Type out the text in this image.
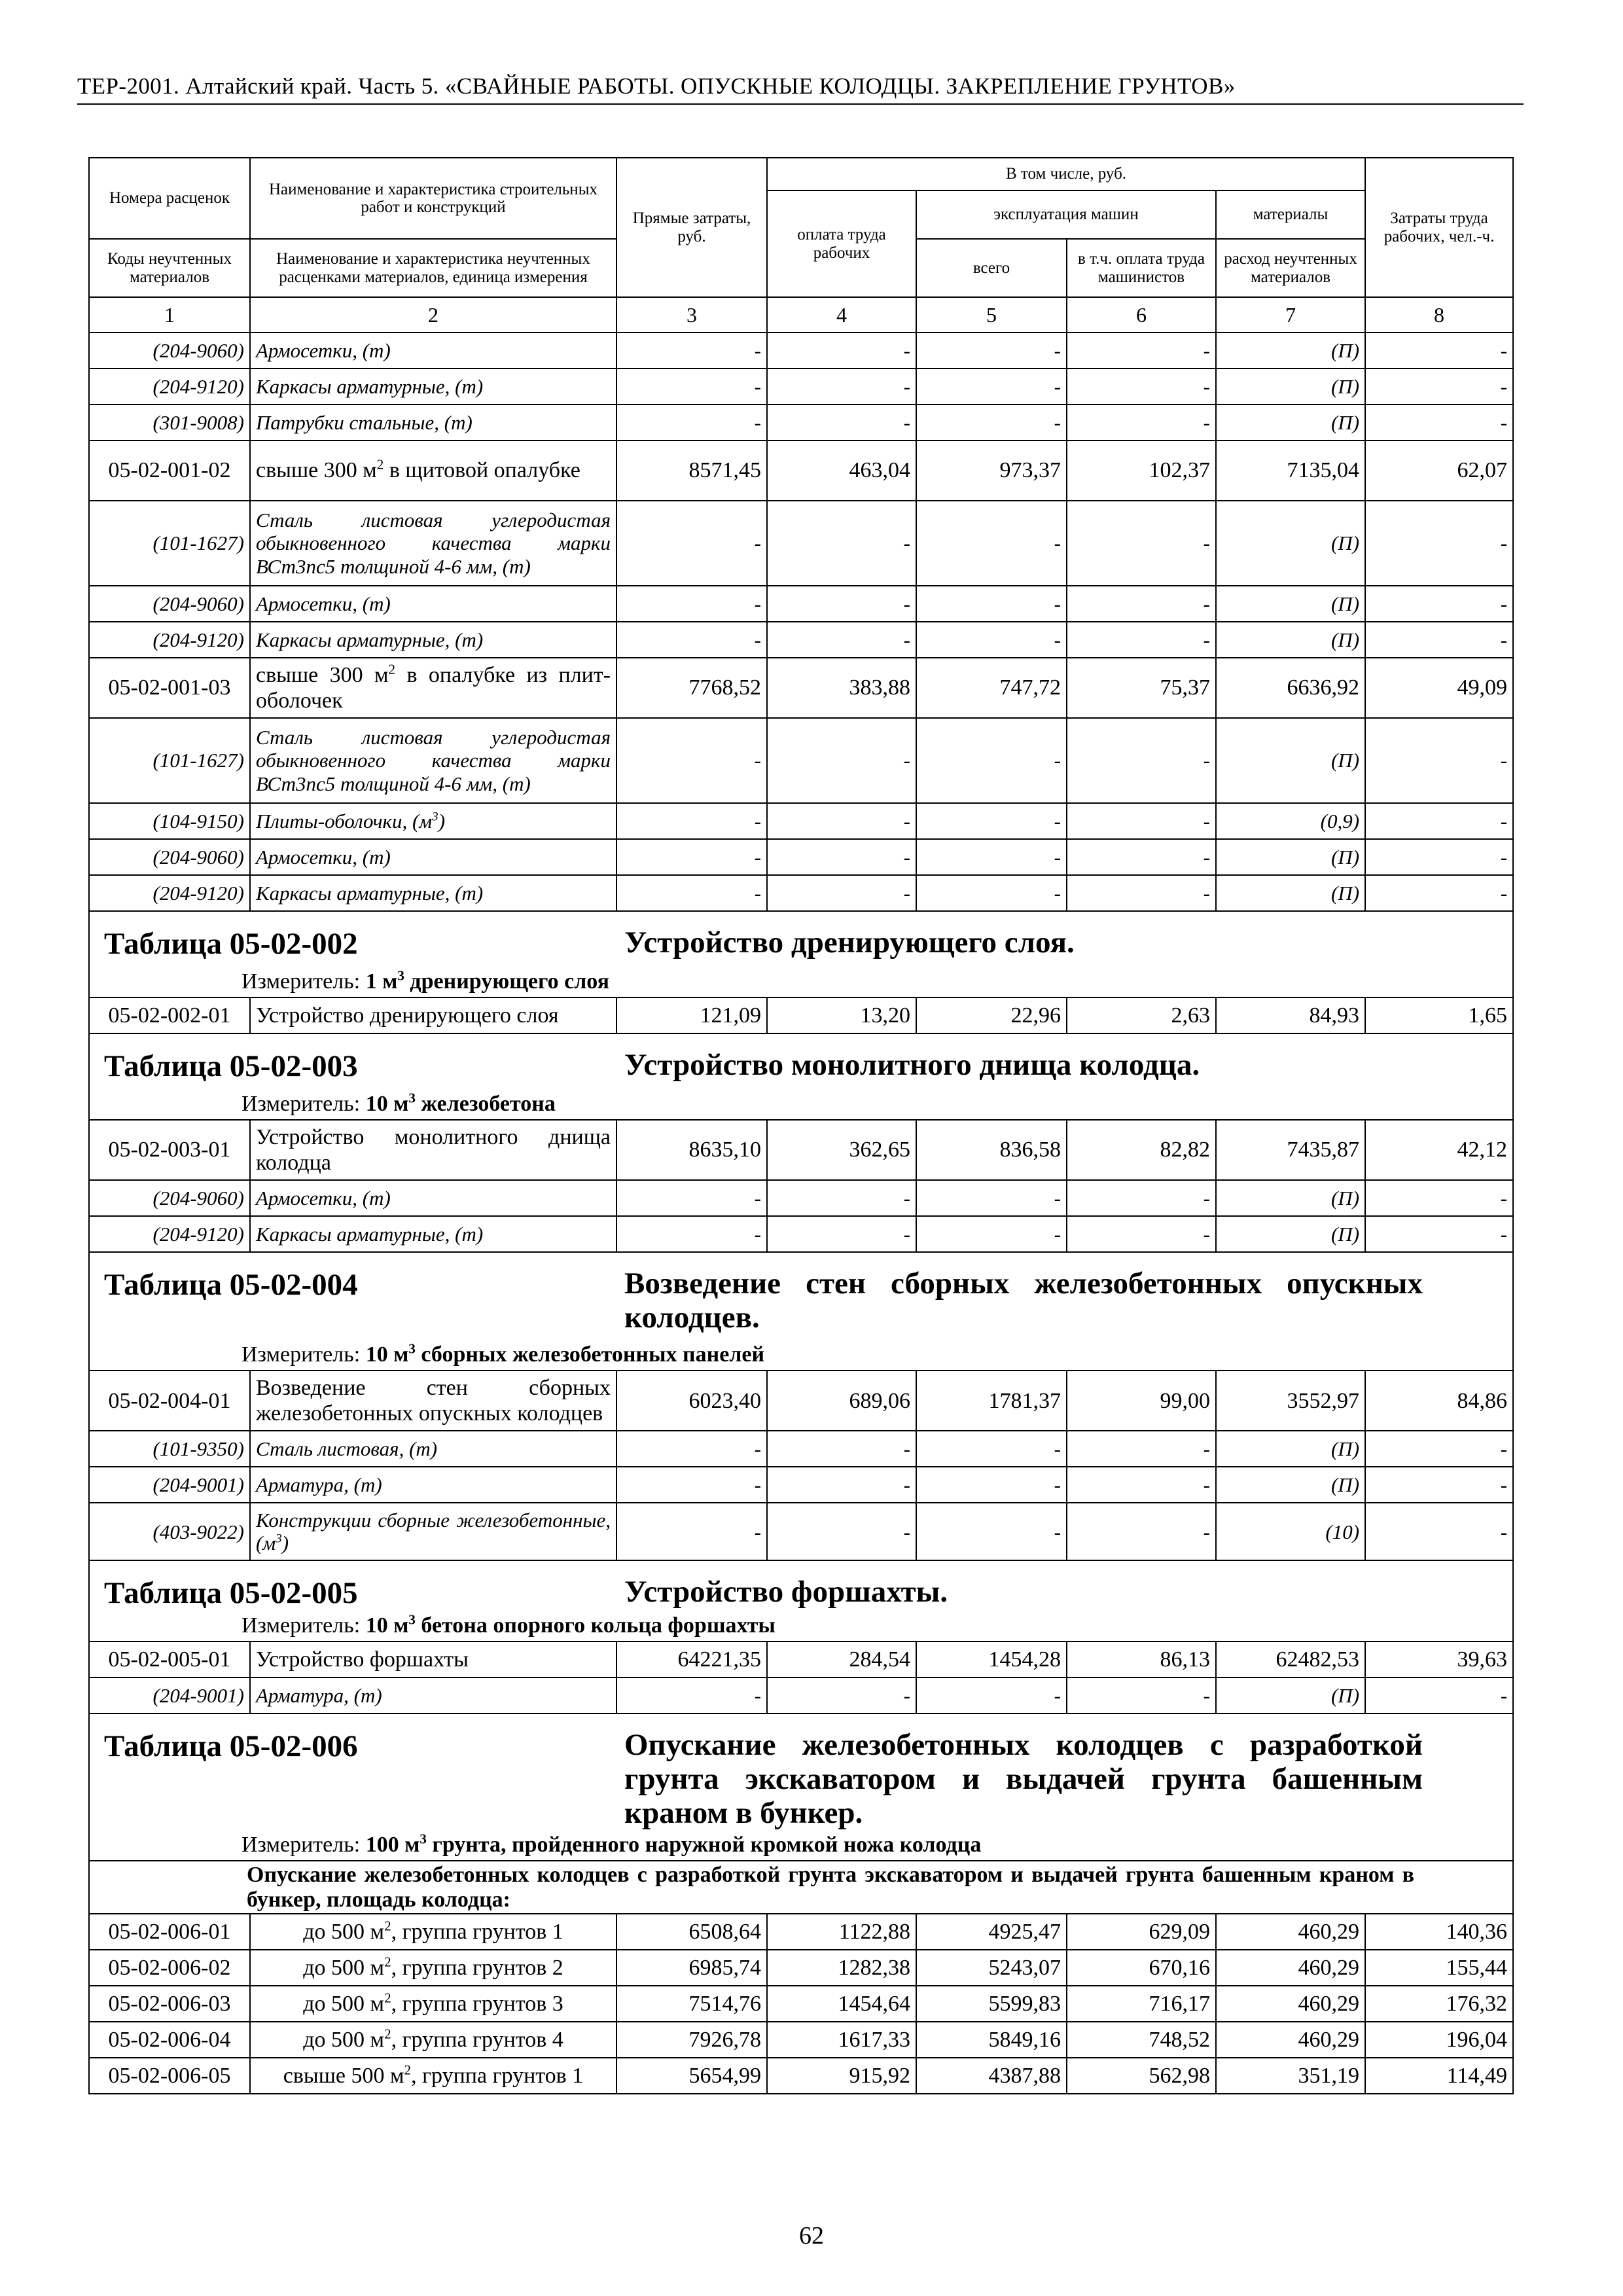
ТЕР-2001. Алтайский край. Часть 5. «СВАЙНЫЕ РАБОТЫ. ОПУСКНЫЕ КОЛОДЦЫ. ЗАКРЕПЛЕНИЕ ГРУНТОВ»
Номера расценок	Наименование и характеристика строительных работ и конструкций	Прямые затраты, руб.	В том числе, руб.				Затраты труда рабочих, чел.-ч.	
			оплата труда рабочих	эксплуатация машин		материалы		
Коды неучтенных материалов	Наименование и характеристика неучтенных расценками материалов, единица измерения			всего	в т.ч. оплата труда машинистов	расход неучтенных материалов		

1	2	3	4	5	6	7	8	
(204-9060)	Армосетки, (т)	-	-	-	-	(П)	-	
(204-9120)	Каркасы арматурные, (т)	-	-	-	-	(П)	-	
(301-9008)	Патрубки стальные, (т)	-	-	-	-	(П)	-	
05-02-001-02	свыше 300 $м^2$ в щитовой опалубке	8571,45	463,04	973,37	102,37	7135,04	62,07	
(101-1627)	Сталь листовая углеродистая обыкновенного качества марки ВСт3пс5 толщиной 4-6 мм, (т)	-	-	-	-	(П)	-	
(204-9060)	Армосетки, (т)	-	-	-	-	(П)	-	
(204-9120)	Каркасы арматурные, (т)	-	-	-	-	(П)	-	
05-02-001-03	свыше 300 $м^2$ в опалубке из плит-оболочек	7768,52	383,88	747,72	75,37	6636,92	49,09	
(101-1627)	Сталь листовая углеродистая обыкновенного качества марки ВСт3пс5 толщиной 4-6 мм, (т)	-	-	-	-	(П)	-	
(104-9150)	Плиты-оболочки, $(м^3)$	-	-	-	-	(0,9)	-	
(204-9060)	Армосетки, (т)	-	-	-	-	(П)	-	
(204-9120)	Каркасы арматурные, (т)	-	-	-	-	(П)	-	

Таблица 05-02-002 Устройство дренирующего слоя.
Измеритель: 1 $м^3$ дренирующего слоя								

05-02-002-01	Устройство дренирующего слоя	121,09	13,20	22,96	2,63	84,93	1,65	

Таблица 05-02-003 Устройство монолитного днища колодца.
Измеритель: 10 $м^3$ железобетона								

05-02-003-01	Устройство монолитного днища колодца	8635,10	362,65	836,58	82,82	7435,87	42,12	
(204-9060)	Армосетки, (т)	-	-	-	-	(П)	-	
(204-9120)	Каркасы арматурные, (т)	-	-	-	-	(П)	-	

Таблица 05-02-004 Возведение стен сборных железобетонных опускных колодцев.
Измеритель: 10 $м^3$ сборных железобетонных панелей								

05-02-004-01	Возведение стен сборных железобетонных опускных колодцев	6023,40	689,06	1781,37	99,00	3552,97	84,86	
(101-9350)	Сталь листовая, (т)	-	-	-	-	(П)	-	
(204-9001)	Арматура, (т)	-	-	-	-	(П)	-	
(403-9022)	Конструкции сборные железобетонные, $(м^3)$	-	-	-	-	(10)	-	

Таблица 05-02-005 Устройство форшахты.
Измеритель: 10 $м^3$ бетона опорного кольца форшахты								

05-02-005-01	Устройство форшахты	64221,35	284,54	1454,28	86,13	62482,53	39,63	
(204-9001)	Арматура, (т)	-	-	-	-	(П)	-	

Таблица 05-02-006 Опускание железобетонных колодцев с разработкой грунта экскаватором и выдачей грунта башенным краном в бункер.
Измеритель: 100 $м^3$ грунта, пройденного наружной кромкой ножа колодца								

Опускание железобетонных колодцев с разработкой грунта экскаватором и выдачей грунта башенным краном в бункер, площадь колодца:								
05-02-006-01	до 500 $м^2$, группа грунтов 1	6508,64	1122,88	4925,47	629,09	460,29	140,36	
05-02-006-02	до 500 $м^2$, группа грунтов 2	6985,74	1282,38	5243,07	670,16	460,29	155,44	
05-02-006-03	до 500 $м^2$, группа грунтов 3	7514,76	1454,64	5599,83	716,17	460,29	176,32	
05-02-006-04	до 500 $м^2$, группа грунтов 4	7926,78	1617,33	5849,16	748,52	460,29	196,04	
05-02-006-05	свыше 500 $м^2$, группа грунтов 1	5654,99	915,92	4387,88	562,98	351,19	114,49	
62
